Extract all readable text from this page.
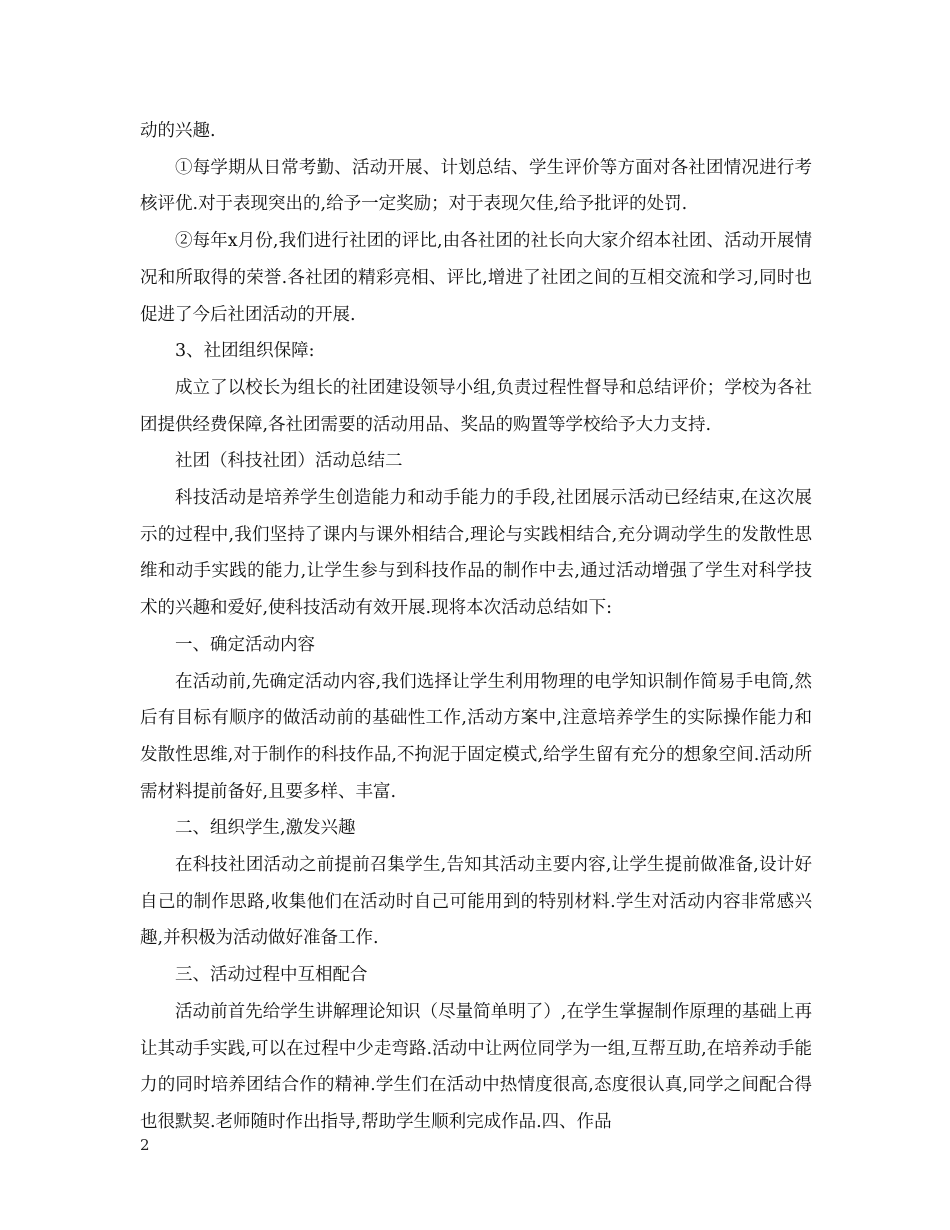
动的兴趣.

①每学期从日常考勤、活动开展、计划总结、学生评价等方面对各社团情况进行考核评优.对于表现突出的,给予一定奖励；对于表现欠佳,给予批评的处罚.

②每年x月份,我们进行社团的评比,由各社团的社长向大家介绍本社团、活动开展情况和所取得的荣誉.各社团的精彩亮相、评比,增进了社团之间的互相交流和学习,同时也促进了今后社团活动的开展.

3、社团组织保障:

成立了以校长为组长的社团建设领导小组,负责过程性督导和总结评价；学校为各社团提供经费保障,各社团需要的活动用品、奖品的购置等学校给予大力支持.

社团（科技社团）活动总结二

科技活动是培养学生创造能力和动手能力的手段,社团展示活动已经结束,在这次展示的过程中,我们坚持了课内与课外相结合,理论与实践相结合,充分调动学生的发散性思维和动手实践的能力,让学生参与到科技作品的制作中去,通过活动增强了学生对科学技术的兴趣和爱好,使科技活动有效开展.现将本次活动总结如下:

一、确定活动内容

在活动前,先确定活动内容,我们选择让学生利用物理的电学知识制作简易手电筒,然后有目标有顺序的做活动前的基础性工作,活动方案中,注意培养学生的实际操作能力和发散性思维,对于制作的科技作品,不拘泥于固定模式,给学生留有充分的想象空间.活动所需材料提前备好,且要多样、丰富.

二、组织学生,激发兴趣

在科技社团活动之前提前召集学生,告知其活动主要内容,让学生提前做准备,设计好自己的制作思路,收集他们在活动时自己可能用到的特别材料.学生对活动内容非常感兴趣,并积极为活动做好准备工作.

三、活动过程中互相配合

活动前首先给学生讲解理论知识（尽量简单明了）,在学生掌握制作原理的基础上再让其动手实践,可以在过程中少走弯路.活动中让两位同学为一组,互帮互助,在培养动手能力的同时培养团结合作的精神.学生们在活动中热情度很高,态度很认真,同学之间配合得也很默契.老师随时作出指导,帮助学生顺利完成作品.四、作品

2
